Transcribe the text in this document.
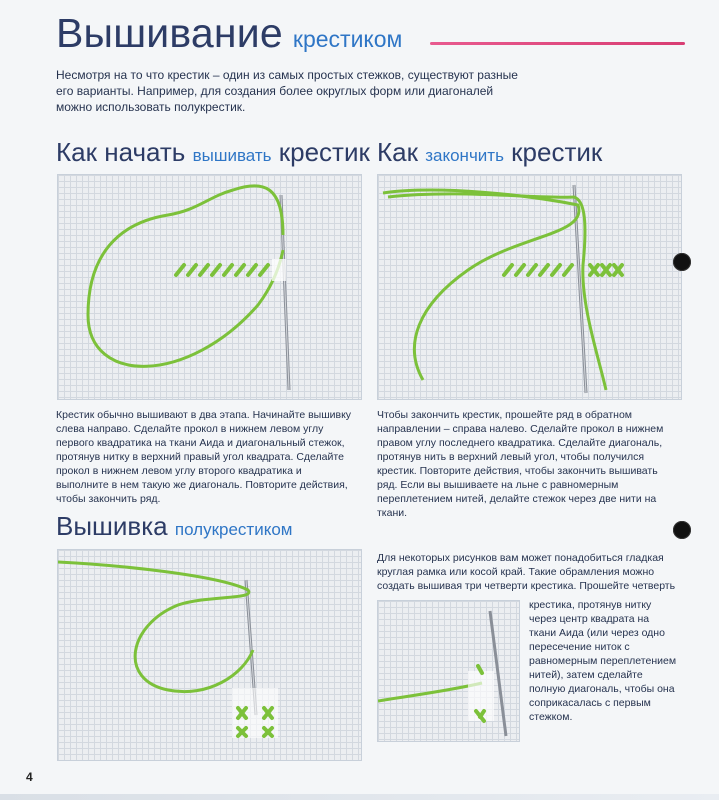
Вышивание крестиком
Несмотря на то что крестик – один из самых простых стежков, существуют разные его варианты. Например, для создания более округлых форм или диагоналей можно использовать полукрестик.
Как начать вышивать крестик
Крестик обычно вышивают в два этапа. Начинайте вышивку слева направо. Сделайте прокол в нижнем левом углу первого квадратика на ткани Аида и диагональный стежок, протянув нитку в верхний правый угол квадрата. Сделайте прокол в нижнем левом углу второго квадратика и выполните в нем такую же диагональ. Повторите действия, чтобы закончить ряд.
Как закончить крестик
Чтобы закончить крестик, прошейте ряд в обратном направлении – справа налево. Сделайте прокол в нижнем правом углу последнего квадратика. Сделайте диагональ, протянув нить в верхний левый угол, чтобы получился крестик. Повторите действия, чтобы закончить вышивать ряд. Если вы вышиваете на льне с равномерным переплетением нитей, делайте стежок через две нити на ткани.
Вышивка полукрестиком
Для некоторых рисунков вам может понадобиться гладкая круглая рамка или косой край. Такие обрамления можно создать вышивая три четверти крестика. Прошейте четверть
крестика, протянув нитку через центр квадрата на ткани Аида (или через одно пересечение ниток с равномерным переплетением нитей), затем сделайте полную диагональ, чтобы она соприкасалась с первым стежком.
4
